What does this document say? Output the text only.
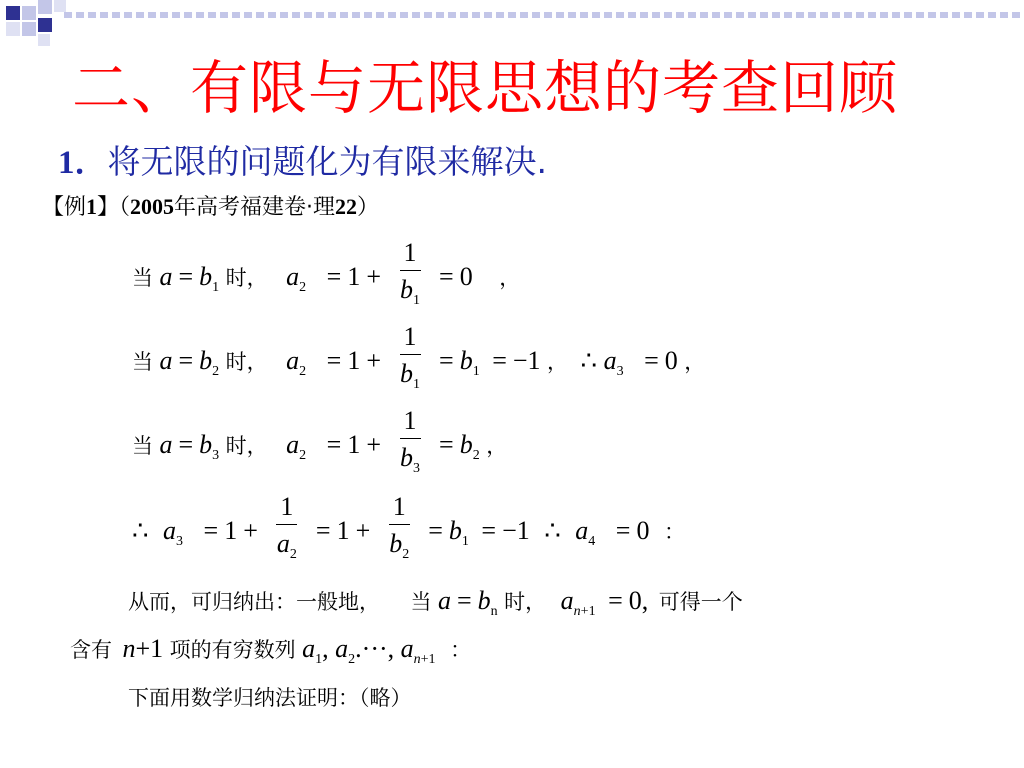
二、有限与无限思想的考查回顾
1．将无限的问题化为有限来解决.
【例1】（2005年高考福建卷·理22）
当 a = b1 时， $a2 = 1 + \frac{1}{b1} = 0$ ，
当 a = b2 时， $a2 = 1 + \frac{1}{b1} = b1 = -1$ ， ∴ a3 = 0 ，
当 a = b3 时， $a2 = 1 + \frac{1}{b3} = b2$ ，
∴ $a3 = 1 + \frac{1}{a2} = 1 + \frac{1}{b2} = b1 = -1$ ∴ a4 = 0 ：
从而，可归纳出：一般地， 当 a = bn 时， an+1 = 0, 可得一个
含有 n+1 项的有穷数列 a1, a2.···, an+1 ：
下面用数学归纳法证明：（略）
